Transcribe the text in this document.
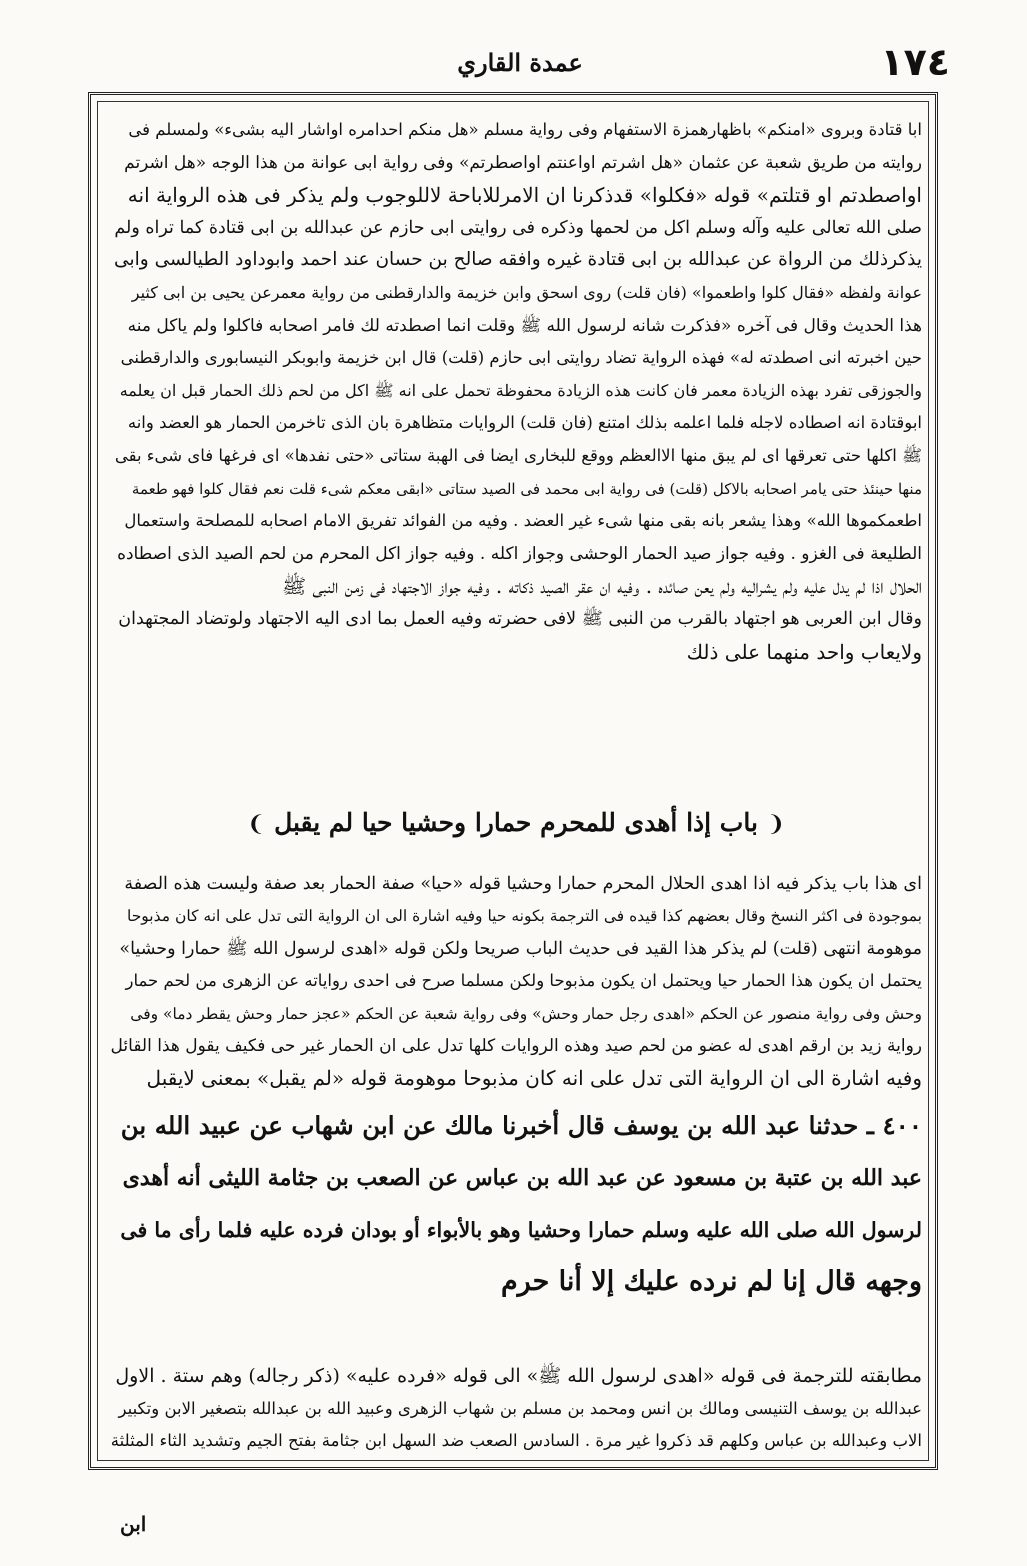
عمدة القاري	١٧٤
ابا قتادة وبروى «امنكم» باظهارهمزة الاستفهام وفى رواية مسلم «هل منكم احدامره اواشار اليه بشىء» ولمسلم فى
روايته من طريق شعبة عن عثمان «هل اشرتم اواعنتم اواصطرتم» وفى رواية ابى عوانة من هذا الوجه «هل اشرتم
اواصطدتم او قتلتم» قوله «فكلوا» قدذكرنا ان الامرللاباحة لاللوجوب ولم يذكر فى هذه الرواية انه
صلى الله تعالى عليه وآله وسلم اكل من لحمها وذكره فى روايتى ابى حازم عن عبدالله بن ابى قتادة كما تراه ولم
يذكرذلك من الرواة عن عبدالله بن ابى قتادة غيره وافقه صالح بن حسان عند احمد وابوداود الطيالسى وابى
عوانة ولفظه «فقال كلوا واطعموا» (فان قلت) روى اسحق وابن خزيمة والدارقطنى من رواية معمرعن يحيى بن ابى كثير
هذا الحديث وقال فى آخره «فذكرت شانه لرسول الله ﷺ وقلت انما اصطدته لك فامر اصحابه فاكلوا ولم ياكل منه
حين اخبرته انى اصطدته له» فهذه الرواية تضاد روايتى ابى حازم (قلت) قال ابن خزيمة وابوبكر النيسابورى والدارقطنى
والجوزقى تفرد بهذه الزيادة معمر فان كانت هذه الزيادة محفوظة تحمل على انه ﷺ اكل من لحم ذلك الحمار قبل ان يعلمه
ابوقتادة انه اصطاده لاجله فلما اعلمه بذلك امتنع (فان قلت) الروايات متظاهرة بان الذى تاخرمن الحمار هو العضد وانه
ﷺ اكلها حتى تعرقها اى لم يبق منها الاالعظم ووقع للبخارى ايضا فى الهبة ستاتى «حتى نفدها» اى فرغها فاى شىء بقى
منها حينئذ حتى يامر اصحابه بالاكل (قلت) فى رواية ابى محمد فى الصيد ستاتى «ابقى معكم شىء قلت نعم فقال كلوا فهو طعمة
اطعمكموها الله» وهذا يشعر بانه بقى منها شىء غير العضد . وفيه من الفوائد تفريق الامام اصحابه للمصلحة واستعمال
الطليعة فى الغزو . وفيه جواز صيد الحمار الوحشى وجواز اكله . وفيه جواز اكل المحرم من لحم الصيد الذى اصطاده
الحلال اذا لم يدل عليه ولم يشراليه ولم يعن صائده . وفيه ان عقر الصيد ذكاته . وفيه جواز الاجتهاد فى زمن النبى ﷺ
وقال ابن العربى هو اجتهاد بالقرب من النبى ﷺ لافى حضرته وفيه العمل بما ادى اليه الاجتهاد ولوتضاد المجتهدان
ولايعاب واحد منهما على ذلك
❨ باب إذا أهدى للمحرم حمارا وحشيا حيا لم يقبل ❩
اى هذا باب يذكر فيه اذا اهدى الحلال المحرم حمارا وحشيا قوله «حيا» صفة الحمار بعد صفة وليست هذه الصفة
بموجودة فى اكثر النسخ وقال بعضهم كذا قيده فى الترجمة بكونه حيا وفيه اشارة الى ان الرواية التى تدل على انه كان مذبوحا
موهومة انتهى (قلت) لم يذكر هذا القيد فى حديث الباب صريحا ولكن قوله «اهدى لرسول الله ﷺ حمارا وحشيا»
يحتمل ان يكون هذا الحمار حيا ويحتمل ان يكون مذبوحا ولكن مسلما صرح فى احدى رواياته عن الزهرى من لحم حمار
وحش وفى رواية منصور عن الحكم «اهدى رجل حمار وحش» وفى رواية شعبة عن الحكم «عجز حمار وحش يقطر دما» وفى
رواية زيد بن ارقم اهدى له عضو من لحم صيد وهذه الروايات كلها تدل على ان الحمار غير حى فكيف يقول هذا القائل
وفيه اشارة الى ان الرواية التى تدل على انه كان مذبوحا موهومة قوله «لم يقبل» بمعنى لايقبل
٤٠٠ ـ حدثنا عبد الله بن يوسف قال أخبرنا مالك عن ابن شهاب عن عبيد الله بن
عبد الله بن عتبة بن مسعود عن عبد الله بن عباس عن الصعب بن جثامة الليثى أنه أهدى
لرسول الله صلى الله عليه وسلم حمارا وحشيا وهو بالأبواء أو بودان فرده عليه فلما رأى ما فى
وجهه قال إنا لم نرده عليك إلا أنا حرم
مطابقته للترجمة فى قوله «اهدى لرسول الله ﷺ» الى قوله «فرده عليه» (ذكر رجاله) وهم ستة . الاول
عبدالله بن يوسف التنيسى ومالك بن انس ومحمد بن مسلم بن شهاب الزهرى وعبيد الله بن عبدالله بتصغير الابن وتكبير
الاب وعبدالله بن عباس وكلهم قد ذكروا غير مرة . السادس الصعب ضد السهل ابن جثامة بفتح الجيم وتشديد الثاء المثلثة
ابن
